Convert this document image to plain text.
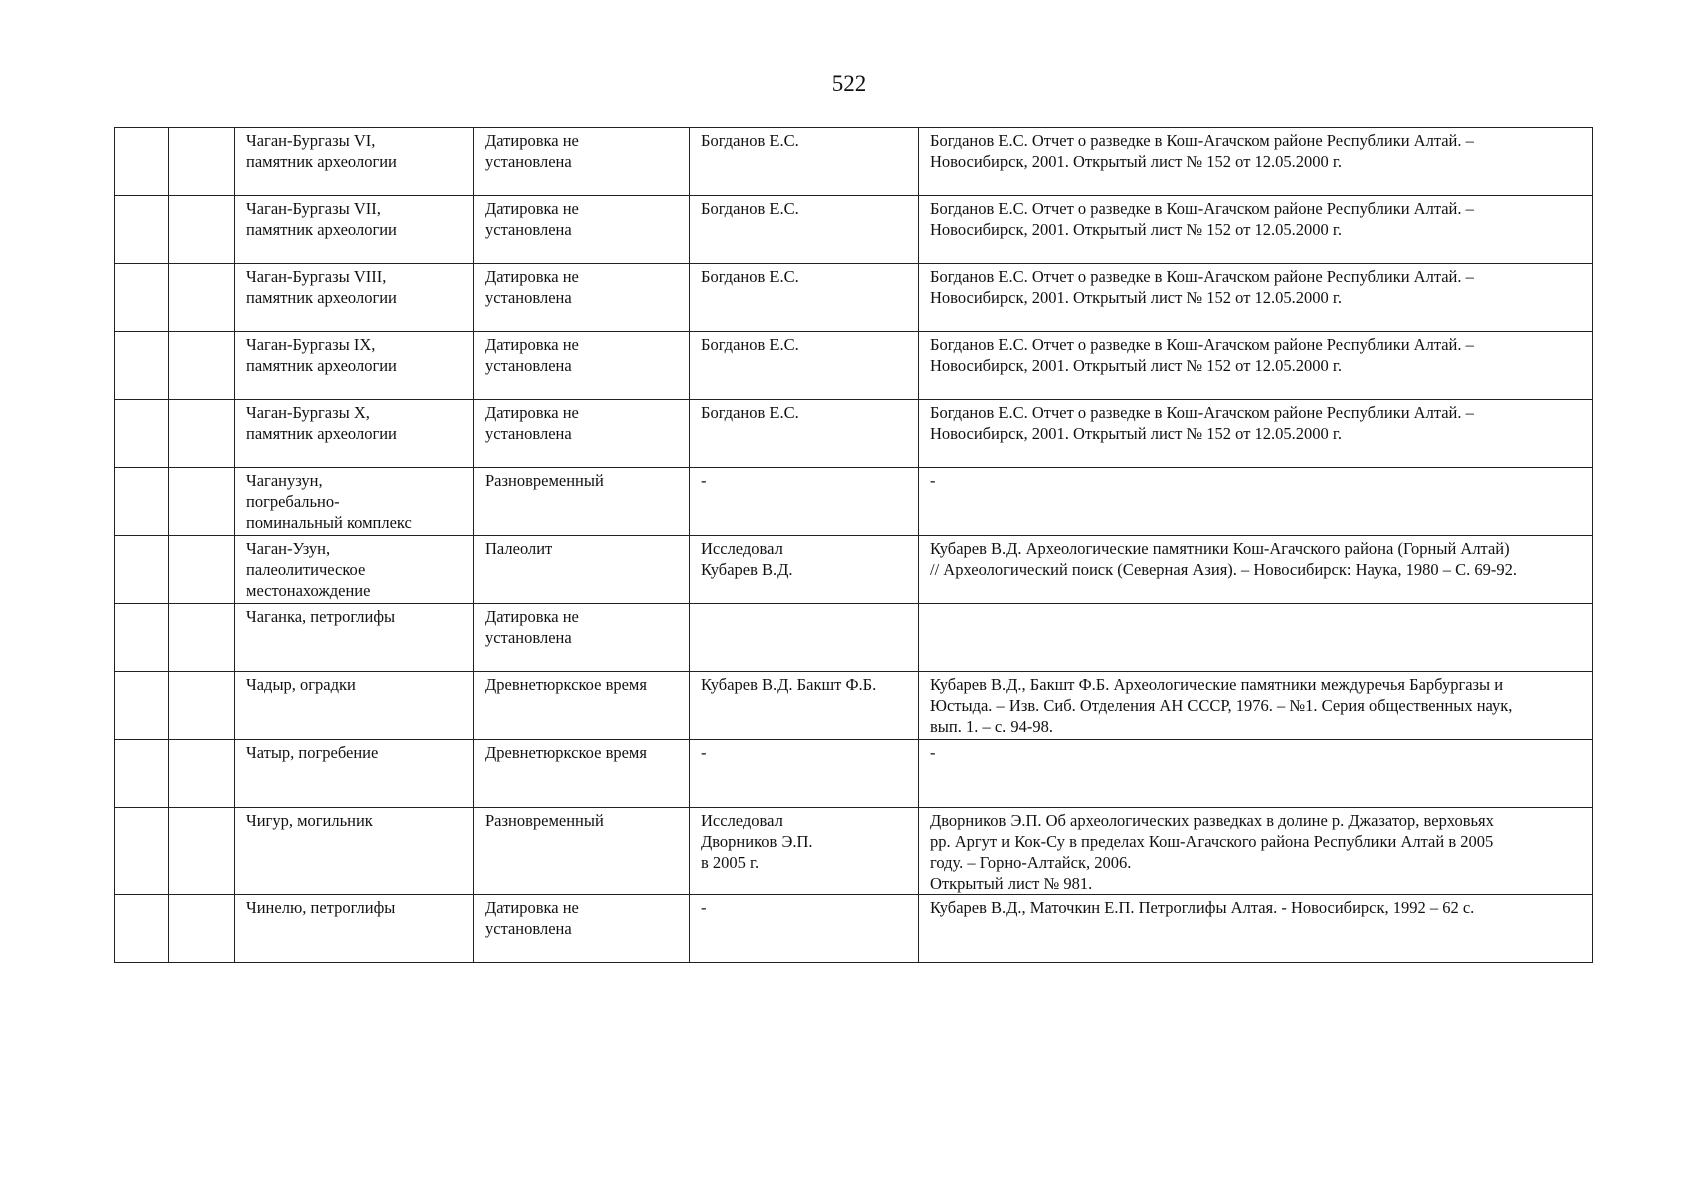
522
		Чаган-Бургазы VI,
памятник археологии	Датировка не
установлена	Богданов Е.С.	Богданов Е.С. Отчет о разведке в Кош-Агачском районе Республики Алтай. –
Новосибирск, 2001. Открытый лист № 152 от 12.05.2000 г.
		Чаган-Бургазы VII,
памятник археологии	Датировка не
установлена	Богданов Е.С.	Богданов Е.С. Отчет о разведке в Кош-Агачском районе Республики Алтай. –
Новосибирск, 2001. Открытый лист № 152 от 12.05.2000 г.
		Чаган-Бургазы VIII,
памятник археологии	Датировка не
установлена	Богданов Е.С.	Богданов Е.С. Отчет о разведке в Кош-Агачском районе Республики Алтай. –
Новосибирск, 2001. Открытый лист № 152 от 12.05.2000 г.
		Чаган-Бургазы IX,
памятник археологии	Датировка не
установлена	Богданов Е.С.	Богданов Е.С. Отчет о разведке в Кош-Агачском районе Республики Алтай. –
Новосибирск, 2001. Открытый лист № 152 от 12.05.2000 г.
		Чаган-Бургазы X,
памятник археологии	Датировка не
установлена	Богданов Е.С.	Богданов Е.С. Отчет о разведке в Кош-Агачском районе Республики Алтай. –
Новосибирск, 2001. Открытый лист № 152 от 12.05.2000 г.
		Чаганузун,
погребально-
поминальный комплекс	Разновременный	-	-
		Чаган-Узун,
палеолитическое
местонахождение	Палеолит	Исследовал
Кубарев В.Д.	Кубарев В.Д. Археологические памятники Кош-Агачского района (Горный Алтай)
// Археологический поиск (Северная Азия). – Новосибирск: Наука, 1980 – С. 69-92.
		Чаганка, петроглифы	Датировка не
установлена		
		Чадыр, оградки	Древнетюркское время	Кубарев В.Д. Бакшт Ф.Б.	Кубарев В.Д., Бакшт Ф.Б. Археологические памятники междуречья Барбургазы и
Юстыда. – Изв. Сиб. Отделения АН СССР, 1976. – №1. Серия общественных наук,
вып. 1. – с. 94-98.
		Чатыр, погребение	Древнетюркское время	-	-
		Чигур, могильник	Разновременный	Исследовал
Дворников Э.П.
в 2005 г.	Дворников Э.П. Об археологических разведках в долине р. Джазатор, верховьях
рр. Аргут и Кок-Су в пределах Кош-Агачского района Республики Алтай в 2005
году. – Горно-Алтайск, 2006.
Открытый лист № 981.
		Чинелю, петроглифы	Датировка не
установлена	-	Кубарев В.Д., Маточкин Е.П. Петроглифы Алтая. - Новосибирск, 1992 – 62 с.
